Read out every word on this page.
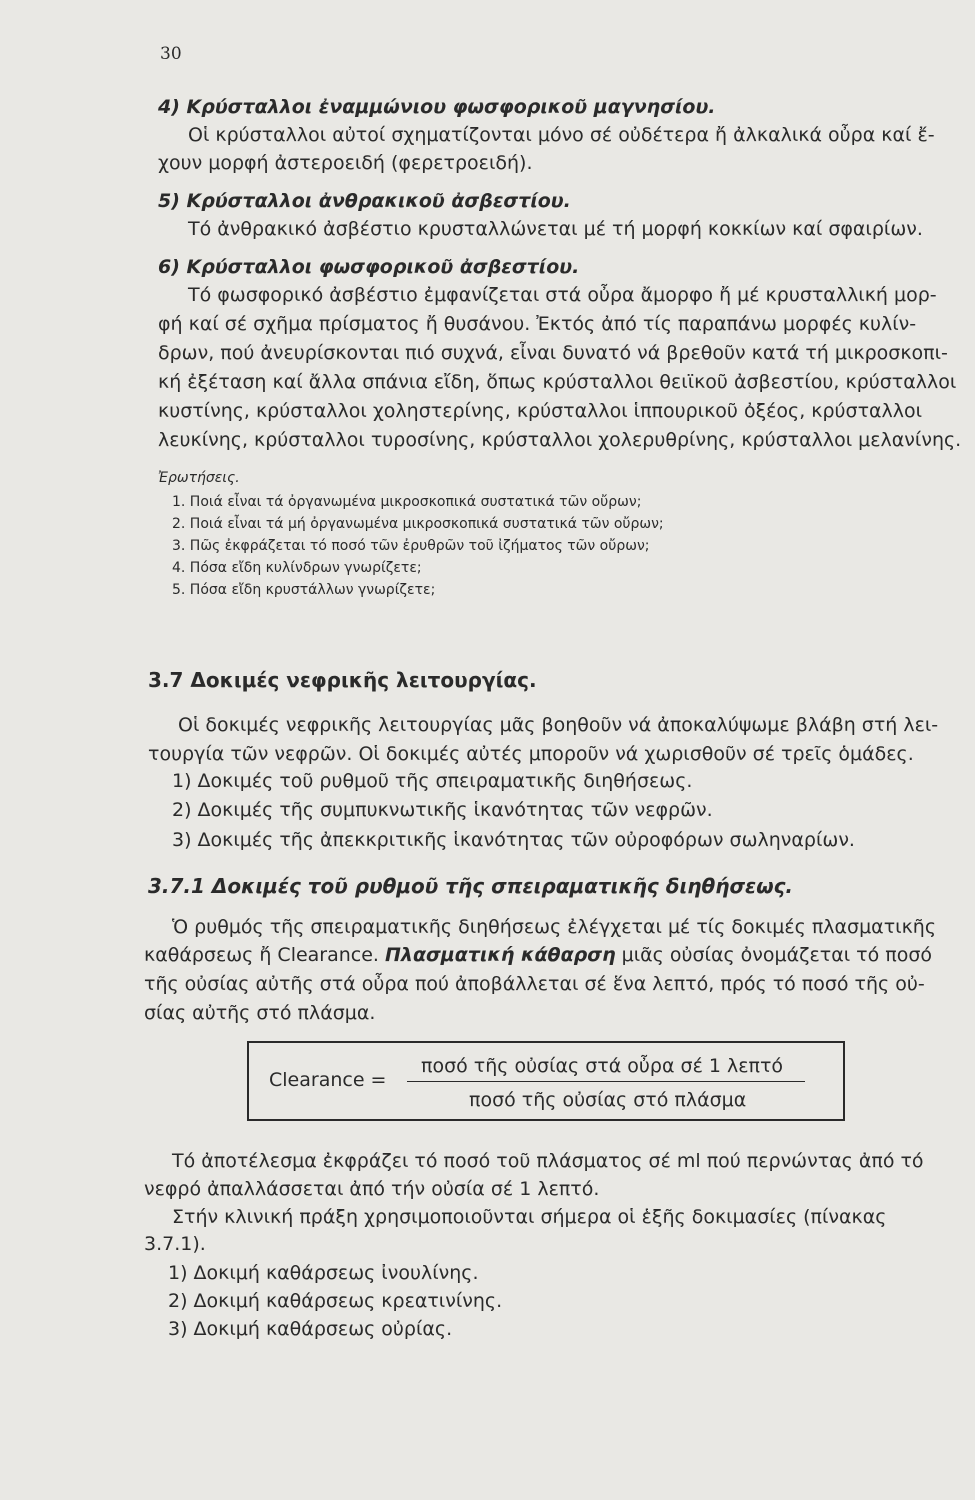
30
4) Κρύσταλλοι ἐναμμώνιου φωσφορικοῦ μαγνησίου.
Οἱ κρύσταλλοι αὐτοί σχηματίζονται μόνο σέ οὐδέτερα ἤ ἀλκαλικά οὖρα καί ἔ-
χουν μορφή ἀστεροειδή (φερετροειδή).
5) Κρύσταλλοι ἀνθρακικοῦ ἀσβεστίου.
Τό ἀνθρακικό ἀσβέστιο κρυσταλλώνεται μέ τή μορφή κοκκίων καί σφαιρίων.
6) Κρύσταλλοι φωσφορικοῦ ἀσβεστίου.
Τό φωσφορικό ἀσβέστιο ἐμφανίζεται στά οὖρα ἄμορφο ἤ μέ κρυσταλλική μορ-
φή καί σέ σχῆμα πρίσματος ἤ θυσάνου. Ἐκτός ἀπό τίς παραπάνω μορφές κυλίν-
δρων, πού ἀνευρίσκονται πιό συχνά, εἶναι δυνατό νά βρεθοῦν κατά τή μικροσκοπι-
κή ἐξέταση καί ἄλλα σπάνια εἴδη, ὅπως κρύσταλλοι θειϊκοῦ ἀσβεστίου, κρύσταλλοι
κυστίνης, κρύσταλλοι χοληστερίνης, κρύσταλλοι ἱππουρικοῦ ὀξέος, κρύσταλλοι
λευκίνης, κρύσταλλοι τυροσίνης, κρύσταλλοι χολερυθρίνης, κρύσταλλοι μελανίνης.
Ἐρωτήσεις.
1. Ποιά εἶναι τά ὀργανωμένα μικροσκοπικά συστατικά τῶν οὔρων;
2. Ποιά εἶναι τά μή ὀργανωμένα μικροσκοπικά συστατικά τῶν οὔρων;
3. Πῶς ἐκφράζεται τό ποσό τῶν ἐρυθρῶν τοῦ ἰζήματος τῶν οὔρων;
4. Πόσα εἴδη κυλίνδρων γνωρίζετε;
5. Πόσα εἴδη κρυστάλλων γνωρίζετε;
3.7 Δοκιμές νεφρικῆς λειτουργίας.
Οἱ δοκιμές νεφρικῆς λειτουργίας μᾶς βοηθοῦν νά ἀποκαλύψωμε βλάβη στή λει-
τουργία τῶν νεφρῶν. Οἱ δοκιμές αὐτές μποροῦν νά χωρισθοῦν σέ τρεῖς ὁμάδες.
1) Δοκιμές τοῦ ρυθμοῦ τῆς σπειραματικῆς διηθήσεως.
2) Δοκιμές τῆς συμπυκνωτικῆς ἱκανότητας τῶν νεφρῶν.
3) Δοκιμές τῆς ἀπεκκριτικῆς ἱκανότητας τῶν οὐροφόρων σωληναρίων.
3.7.1 Δοκιμές τοῦ ρυθμοῦ τῆς σπειραματικῆς διηθήσεως.
Ὁ ρυθμός τῆς σπειραματικῆς διηθήσεως ἐλέγχεται μέ τίς δοκιμές πλασματικῆς
καθάρσεως ἤ Clearance. Πλασματική κάθαρση μιᾶς οὐσίας ὀνομάζεται τό ποσό
τῆς οὐσίας αὐτῆς στά οὖρα πού ἀποβάλλεται σέ ἕνα λεπτό, πρός τό ποσό τῆς οὐ-
σίας αὐτῆς στό πλάσμα.
Clearance =
ποσό τῆς οὐσίας στά οὖρα σέ 1 λεπτό
ποσό τῆς οὐσίας στό πλάσμα
Τό ἀποτέλεσμα ἐκφράζει τό ποσό τοῦ πλάσματος σέ ml πού περνώντας ἀπό τό
νεφρό ἀπαλλάσσεται ἀπό τήν οὐσία σέ 1 λεπτό.
Στήν κλινική πράξη χρησιμοποιοῦνται σήμερα οἱ ἑξῆς δοκιμασίες (πίνακας
3.7.1).
1) Δοκιμή καθάρσεως ἰνουλίνης.
2) Δοκιμή καθάρσεως κρεατινίνης.
3) Δοκιμή καθάρσεως οὐρίας.
